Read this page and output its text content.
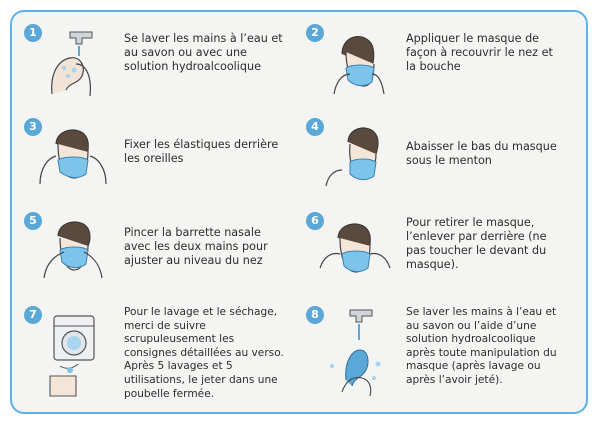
1	Se laver les mains à l’eau et au savon ou avec une solution hydroalcoolique
2	Appliquer le masque de façon à recouvrir le nez et la bouche
3
Fixer les élastiques derrière les oreilles
4
Abaisser le bas du masque sous le menton
5
Pincer la barrette nasale avec les deux mains pour ajuster au niveau du nez
6	Pour retirer le masque, l’enlever par derrière (ne pas toucher le devant du masque).
7	Pour le lavage et le séchage, merci de suivre scrupuleusement les consignes détaillées au verso. Après 5 lavages et 5 utilisations, le jeter dans une poubelle fermée.
8	Se laver les mains à l’eau et au savon ou l’aide d’une solution hydroalcoolique après toute manipulation du masque (après lavage ou après l’avoir jeté).
